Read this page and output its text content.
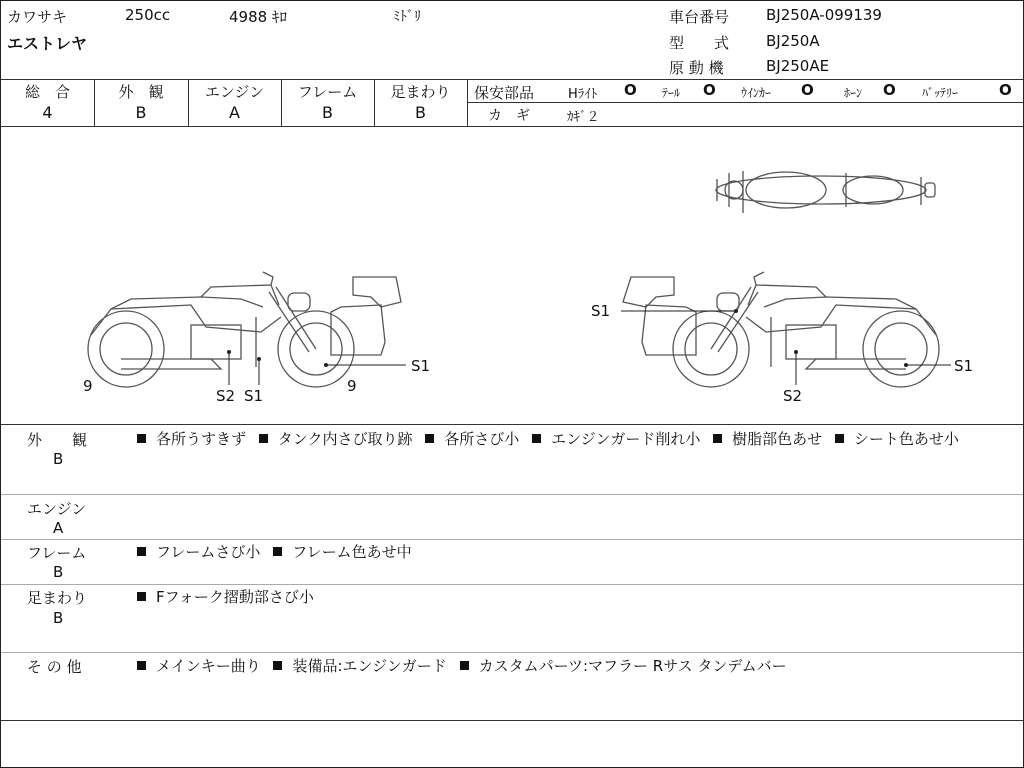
カワサキ	250cc	4988 ｷﾛ	ﾐﾄﾞﾘ
エストレヤ
車台番号 BJ250A-099139
型　　式 BJ250A
原 動 機	BJ250AE
総　合
4
外　観
B
エンジン
A
フレーム
B
足まわり
B
保安部品	Hﾗｲﾄ O ﾃｰﾙ O ｳｲﾝｶｰ O	ﾎｰﾝ O ﾊﾞｯﾃﾘｰ	O
カ　ギ	ｶｷﾞ２
9
S2 S1
9
S1
S1
S2
S1
外　　観
B
各所うすきず タンク内さび取り跡 各所さび小 エンジンガード削れ小 樹脂部色あせ シート色あせ小
エンジン
A
フレーム
B
フレームさび小 フレーム色あせ中
足まわり
B
Fフォーク摺動部さび小
そ の 他	メインキー曲り 装備品:エンジンガード カスタムパーツ:マフラー Rサス タンデムバー
